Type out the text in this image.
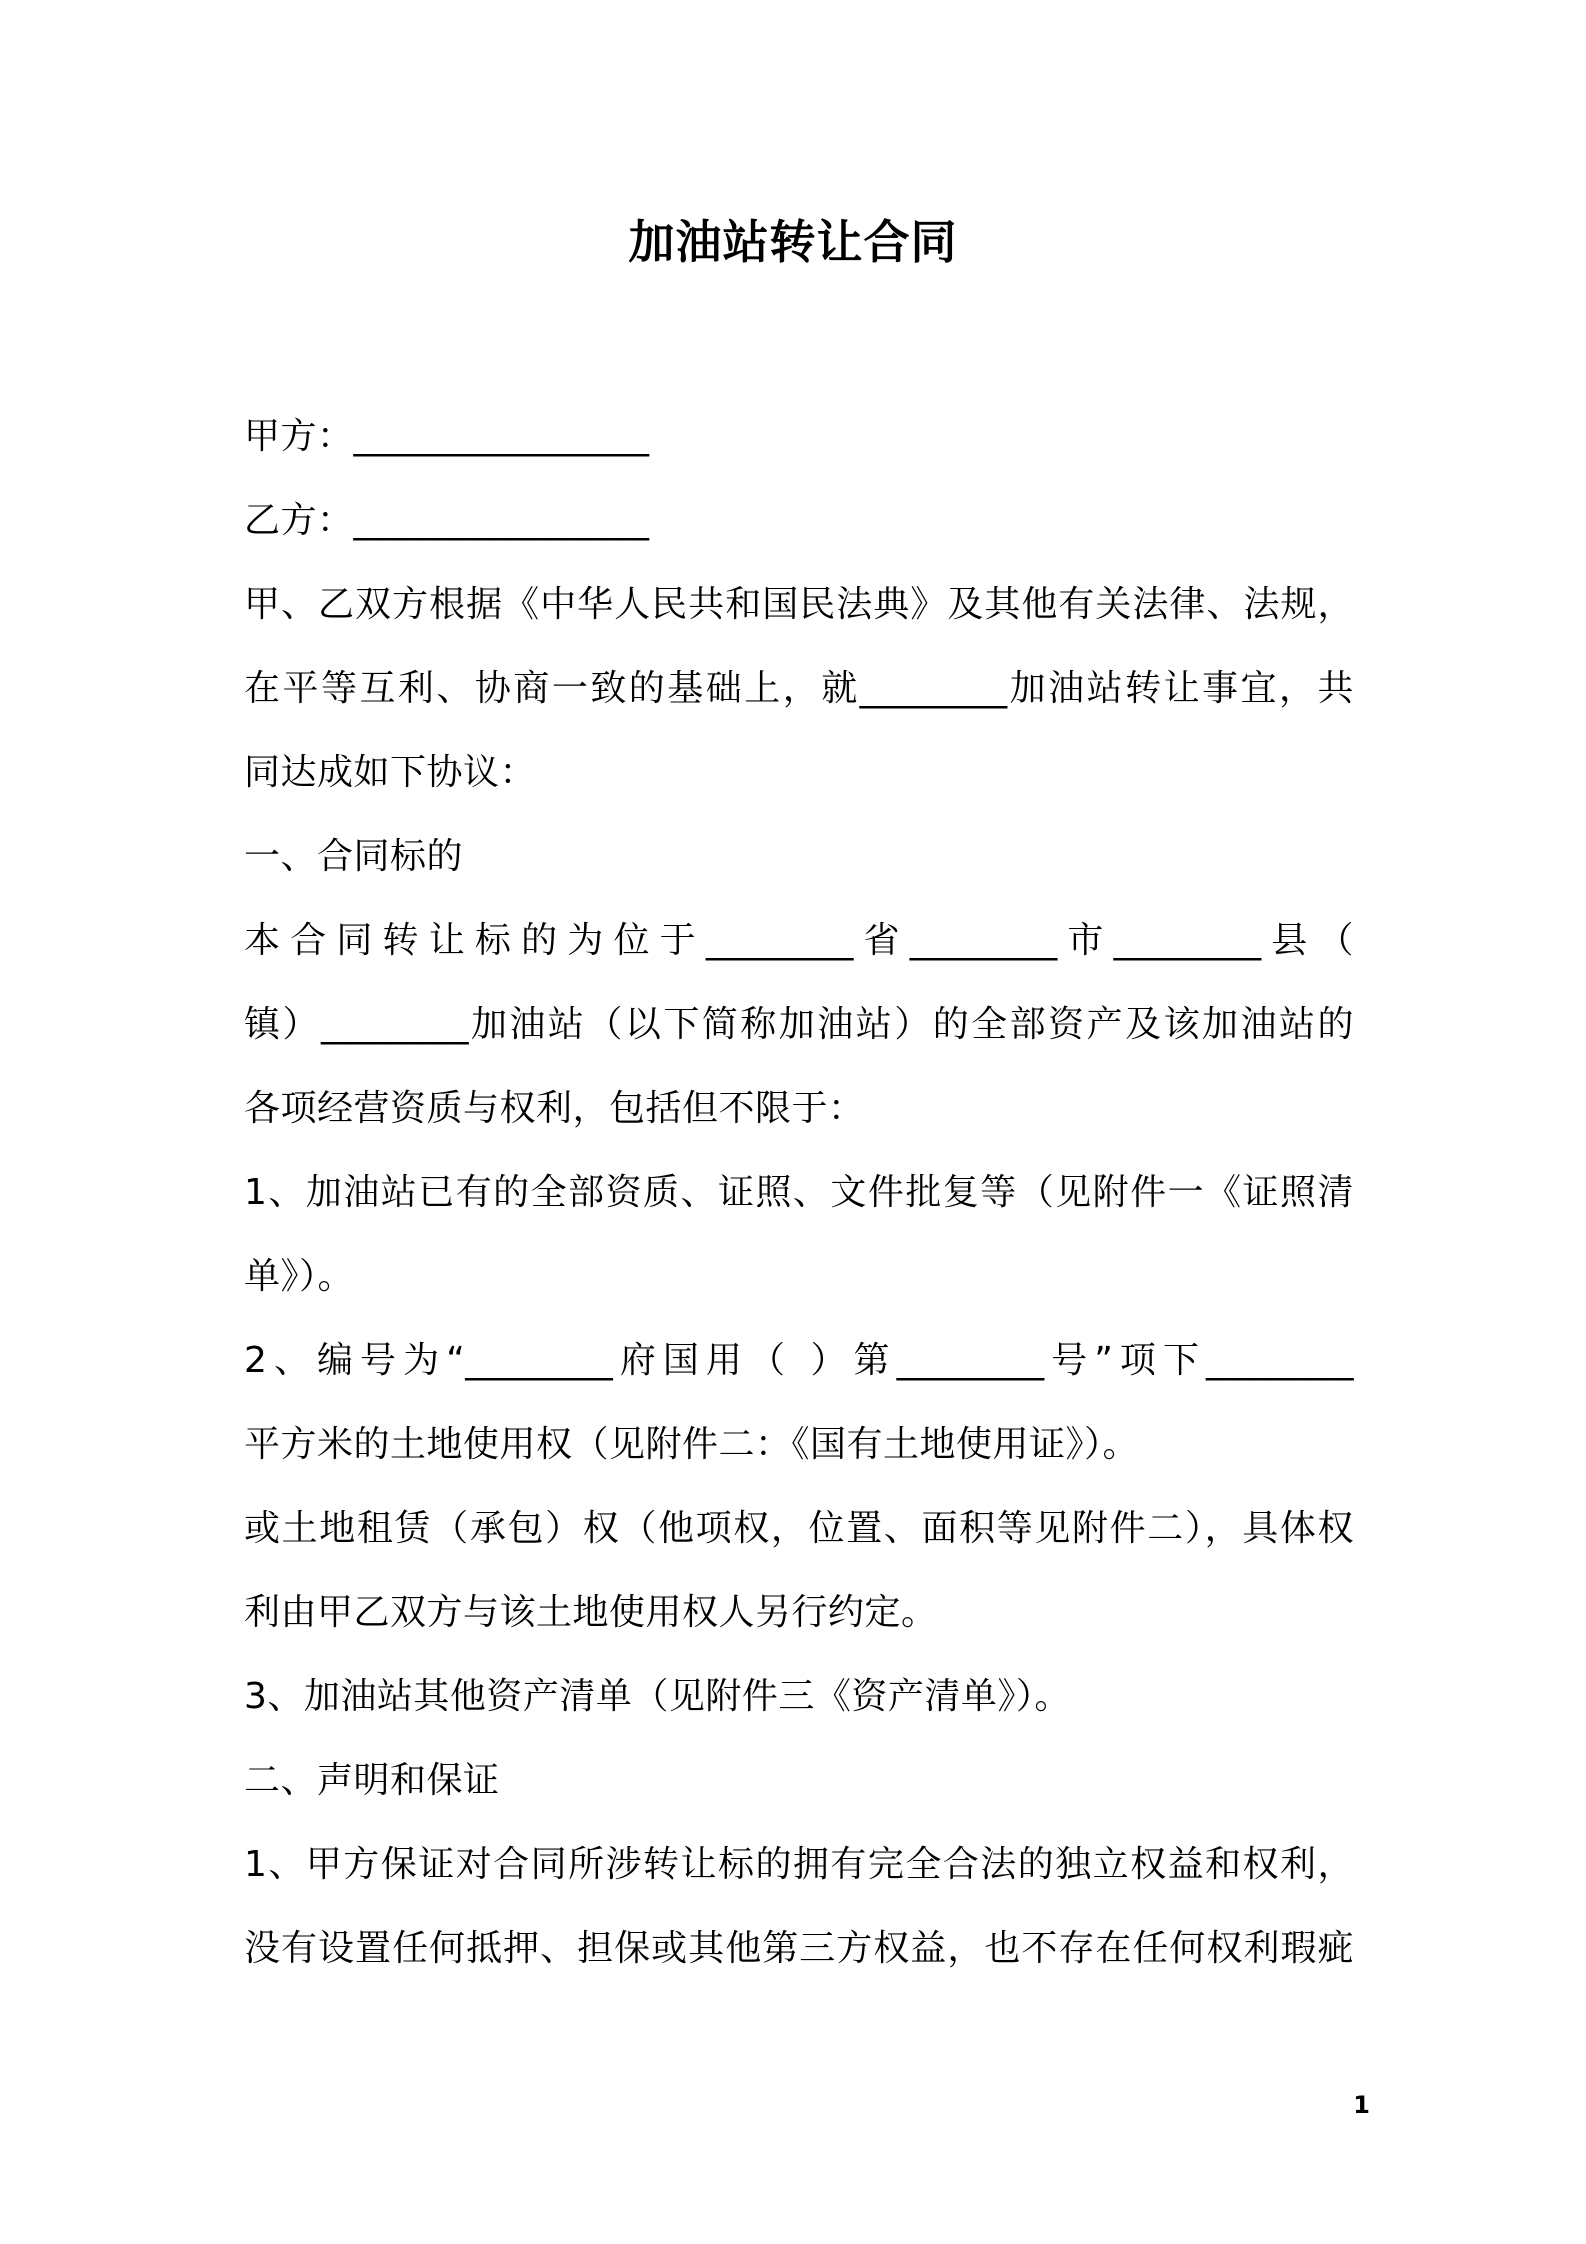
加油站转让合同
甲方：________________
乙方：________________
甲、乙双方根据《中华人民共和国民法典》及其他有关法律、法规，
在平等互利、协商一致的基础上，就________加油站转让事宜，共
同达成如下协议：
一、合同标的
本合同转让标的为位于________省________市________县（
镇）________加油站（以下简称加油站）的全部资产及该加油站的
各项经营资质与权利，包括但不限于：
1、加油站已有的全部资质、证照、文件批复等（见附件一《证照清
单》）。
2、编号为“________府国用（ ）第________号”项下________
平方米的土地使用权（见附件二：《国有土地使用证》）。
或土地租赁（承包）权（他项权，位置、面积等见附件二），具体权
利由甲乙双方与该土地使用权人另行约定。
3、加油站其他资产清单（见附件三《资产清单》）。
二、声明和保证
1、甲方保证对合同所涉转让标的拥有完全合法的独立权益和权利，
没有设置任何抵押、担保或其他第三方权益，也不存在任何权利瑕疵
1
